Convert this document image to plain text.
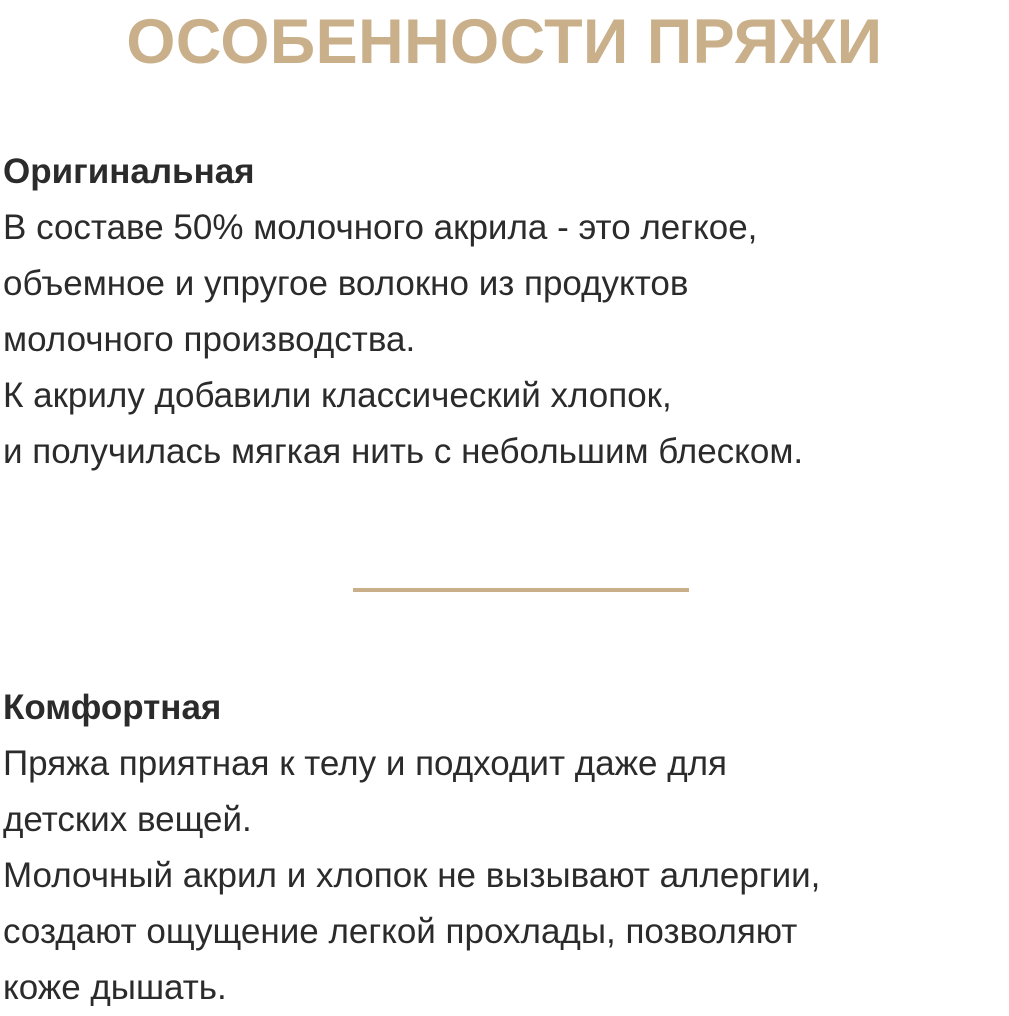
ОСОБЕННОСТИ ПРЯЖИ
Оригинальная
В составе 50% молочного акрила - это легкое,
объемное и упругое волокно из продуктов
молочного производства.
К акрилу добавили классический хлопок,
и получилась мягкая нить с небольшим блеском.
Комфортная
Пряжа приятная к телу и подходит даже для
детских вещей.
Молочный акрил и хлопок не вызывают аллергии,
создают ощущение легкой прохлады, позволяют
коже дышать.
